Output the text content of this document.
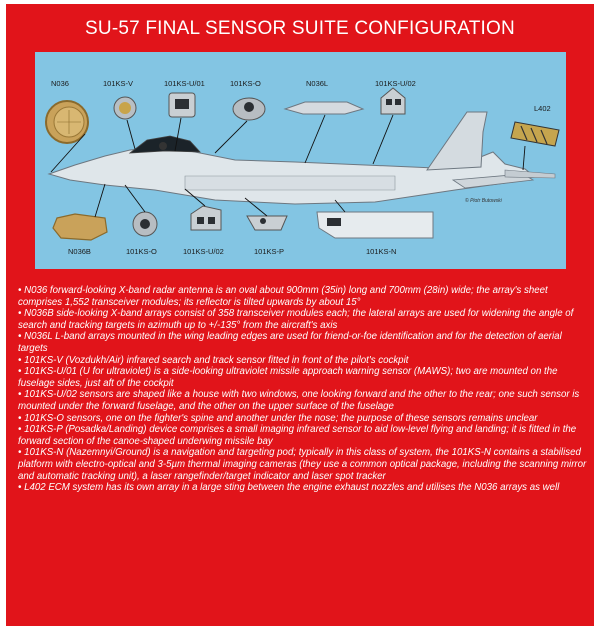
SU-57 FINAL SENSOR SUITE CONFIGURATION
N036	101KS-V	101KS-U/01	101KS-O	N036L	101KS-U/02
L402
N036B	101KS-O	101KS-U/02	101KS-P	101KS-N
© Piotr Butowski
• N036 forward-looking X-band radar antenna is an oval about 900mm (35in) long and 700mm (28in) wide; the array's sheet comprises 1,552 transceiver modules; its reflector is tilted upwards by about 15°
• N036B side-looking X-band arrays consist of 358 transceiver modules each; the lateral arrays are used for widening the angle of search and tracking targets in azimuth up to +/-135° from the aircraft's axis
• N036L L-band arrays mounted in the wing leading edges are used for friend-or-foe identification and for the detection of aerial targets
• 101KS-V (Vozdukh/Air) infrared search and track sensor fitted in front of the pilot's cockpit
• 101KS-U/01 (U for ultraviolet) is a side-looking ultraviolet missile approach warning sensor (MAWS); two are mounted on the fuselage sides, just aft of the cockpit
• 101KS-U/02 sensors are shaped like a house with two windows, one looking forward and the other to the rear; one such sensor is mounted under the forward fuselage, and the other on the upper surface of the fuselage
• 101KS-O sensors, one on the fighter's spine and another under the nose; the purpose of these sensors remains unclear
• 101KS-P (Posadka/Landing) device comprises a small imaging infrared sensor to aid low-level flying and landing; it is fitted in the forward section of the canoe-shaped underwing missile bay
• 101KS-N (Nazemnyi/Ground) is a navigation and targeting pod; typically in this class of system, the 101KS-N contains a stabilised platform with electro-optical and 3-5µm thermal imaging cameras (they use a common optical package, including the scanning mirror and automatic tracking unit), a laser rangefinder/target indicator and laser spot tracker
• L402 ECM system has its own array in a large sting between the engine exhaust nozzles and utilises the N036 arrays as well
